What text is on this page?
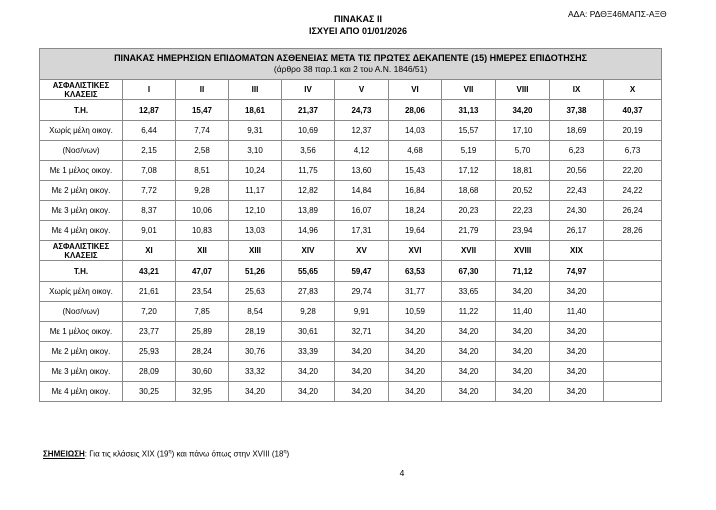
ΑΔΑ: ΡΔΘΞ46ΜΑΠΣ-ΑΞΘ
ΠΙΝΑΚΑΣ ΙΙ
ΙΣΧΥΕΙ ΑΠΟ 01/01/2026
ΠΙΝΑΚΑΣ ΗΜΕΡΗΣΙΩΝ ΕΠΙΔΟΜΑΤΩΝ ΑΣΘΕΝΕΙΑΣ ΜΕΤΑ ΤΙΣ ΠΡΩΤΕΣ ΔΕΚΑΠΕΝΤΕ (15) ΗΜΕΡΕΣ ΕΠΙΔΟΤΗΣΗΣ
(άρθρο 38 παρ.1 και 2 του Α.Ν. 1846/51)										

ΑΣΦΑΛΙΣΤΙΚΕΣ
ΚΛΑΣΕΙΣ	I	II	III	IV	V	VI	VII	VIII	IX	X
Τ.Η.	12,87	15,47	18,61	21,37	24,73	28,06	31,13	34,20	37,38	40,37
Χωρίς μέλη οικογ.	6,44	7,74	9,31	10,69	12,37	14,03	15,57	17,10	18,69	20,19
(Νοσ/νων)	2,15	2,58	3,10	3,56	4,12	4,68	5,19	5,70	6,23	6,73
Με 1 μέλος οικογ.	7,08	8,51	10,24	11,75	13,60	15,43	17,12	18,81	20,56	22,20
Με 2 μέλη οικογ.	7,72	9,28	11,17	12,82	14,84	16,84	18,68	20,52	22,43	24,22
Με 3 μέλη οικογ.	8,37	10,06	12,10	13,89	16,07	18,24	20,23	22,23	24,30	26,24
Με 4 μέλη οικογ.	9,01	10,83	13,03	14,96	17,31	19,64	21,79	23,94	26,17	28,26
ΑΣΦΑΛΙΣΤΙΚΕΣ
ΚΛΑΣΕΙΣ	XI	XII	XIII	XIV	XV	XVI	XVII	XVIII	XIX	
Τ.Η.	43,21	47,07	51,26	55,65	59,47	63,53	67,30	71,12	74,97	
Χωρίς μέλη οικογ.	21,61	23,54	25,63	27,83	29,74	31,77	33,65	34,20	34,20	
(Νοσ/νων)	7,20	7,85	8,54	9,28	9,91	10,59	11,22	11,40	11,40	
Με 1 μέλος οικογ.	23,77	25,89	28,19	30,61	32,71	34,20	34,20	34,20	34,20	
Με 2 μέλη οικογ.	25,93	28,24	30,76	33,39	34,20	34,20	34,20	34,20	34,20	
Με 3 μέλη οικογ.	28,09	30,60	33,32	34,20	34,20	34,20	34,20	34,20	34,20	
Με 4 μέλη οικογ.	30,25	32,95	34,20	34,20	34,20	34,20	34,20	34,20	34,20	
ΣΗΜΕΙΩΣΗ: Για τις κλάσεις XIX $(19^\eta)$ και πάνω όπως στην XVIII $(18^\eta)$
4
